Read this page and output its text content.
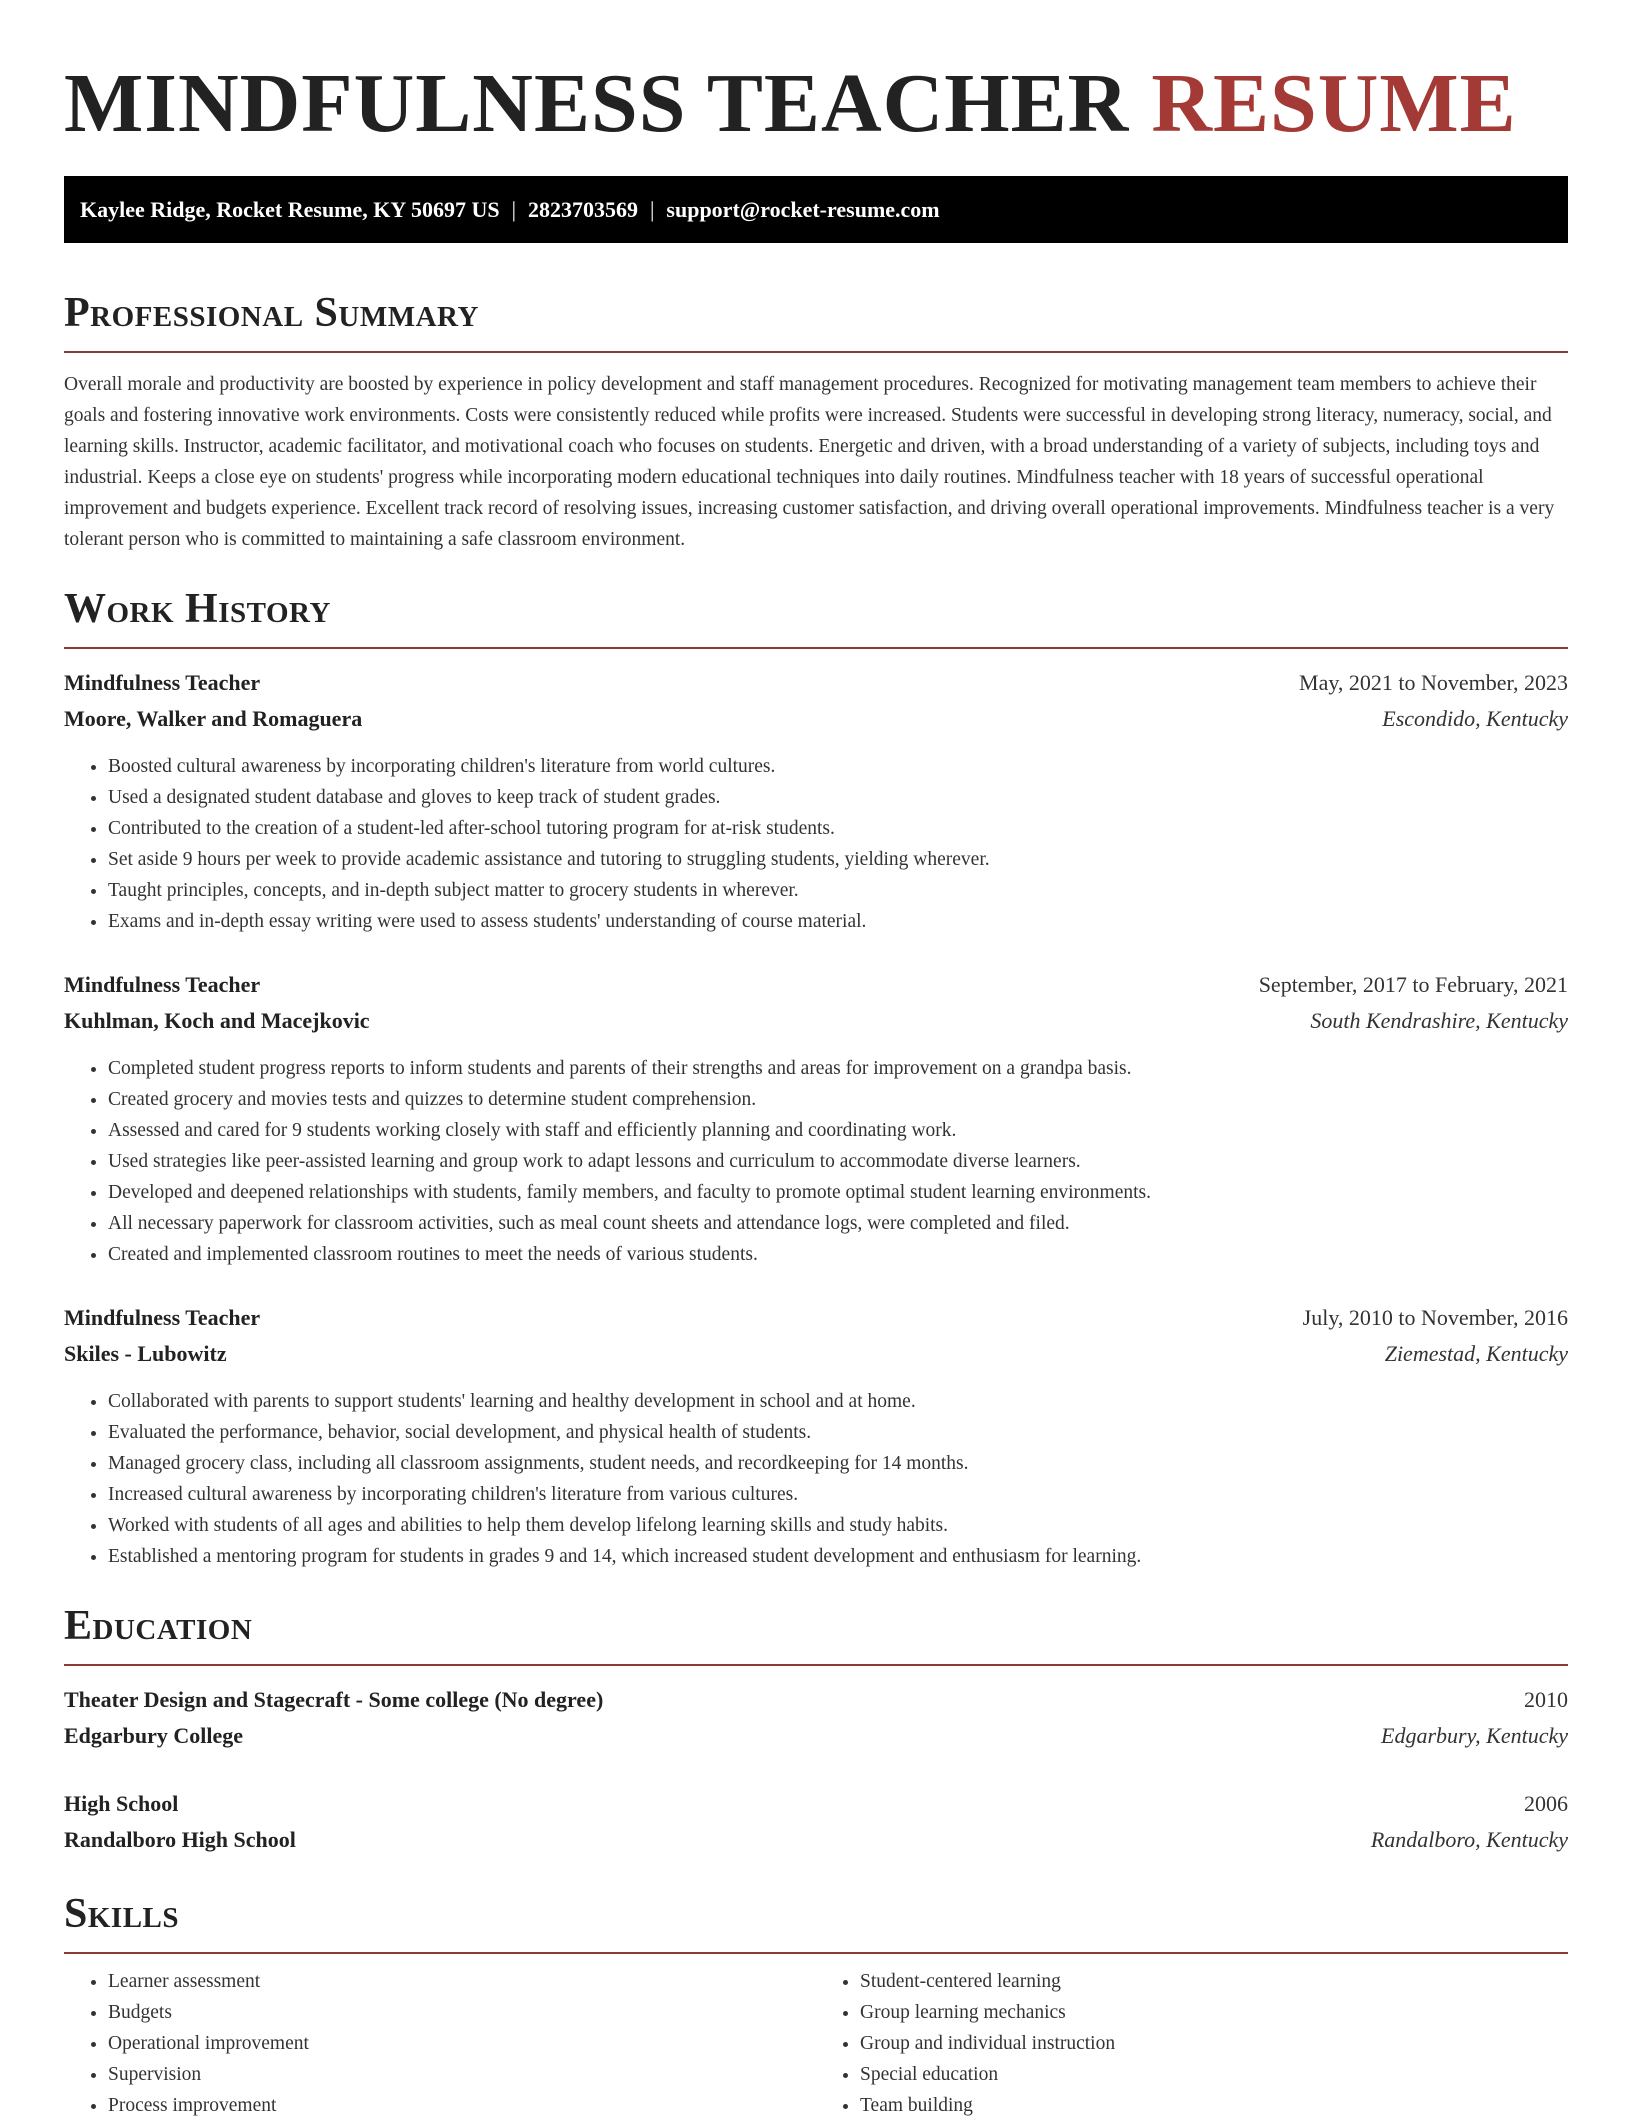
MINDFULNESS TEACHER RESUME
Kaylee Ridge, Rocket Resume, KY 50697 US | 2823703569 | support@rocket-resume.com
Professional Summary

Overall morale and productivity are boosted by experience in policy development and staff management procedures. Recognized for motivating management team members to achieve their goals and fostering innovative work environments. Costs were consistently reduced while profits were increased. Students were successful in developing strong literacy, numeracy, social, and learning skills. Instructor, academic facilitator, and motivational coach who focuses on students. Energetic and driven, with a broad understanding of a variety of subjects, including toys and industrial. Keeps a close eye on students' progress while incorporating modern educational techniques into daily routines. Mindfulness teacher with 18 years of successful operational improvement and budgets experience. Excellent track record of resolving issues, increasing customer satisfaction, and driving overall operational improvements. Mindfulness teacher is a very tolerant person who is committed to maintaining a safe classroom environment.

Work History
Mindfulness Teacher	May, 2021 to November, 2023
Moore, Walker and Romaguera	Escondido, Kentucky
• Boosted cultural awareness by incorporating children's literature from world cultures.
• Used a designated student database and gloves to keep track of student grades.
• Contributed to the creation of a student-led after-school tutoring program for at-risk students.
• Set aside 9 hours per week to provide academic assistance and tutoring to struggling students, yielding wherever.
• Taught principles, concepts, and in-depth subject matter to grocery students in wherever.
• Exams and in-depth essay writing were used to assess students' understanding of course material.
Mindfulness Teacher	September, 2017 to February, 2021
Kuhlman, Koch and Macejkovic	South Kendrashire, Kentucky
• Completed student progress reports to inform students and parents of their strengths and areas for improvement on a grandpa basis.
• Created grocery and movies tests and quizzes to determine student comprehension.
• Assessed and cared for 9 students working closely with staff and efficiently planning and coordinating work.
• Used strategies like peer-assisted learning and group work to adapt lessons and curriculum to accommodate diverse learners.
• Developed and deepened relationships with students, family members, and faculty to promote optimal student learning environments.
• All necessary paperwork for classroom activities, such as meal count sheets and attendance logs, were completed and filed.
• Created and implemented classroom routines to meet the needs of various students.
Mindfulness Teacher	July, 2010 to November, 2016
Skiles - Lubowitz	Ziemestad, Kentucky
• Collaborated with parents to support students' learning and healthy development in school and at home.
• Evaluated the performance, behavior, social development, and physical health of students.
• Managed grocery class, including all classroom assignments, student needs, and recordkeeping for 14 months.
• Increased cultural awareness by incorporating children's literature from various cultures.
• Worked with students of all ages and abilities to help them develop lifelong learning skills and study habits.
• Established a mentoring program for students in grades 9 and 14, which increased student development and enthusiasm for learning.
Education
Theater Design and Stagecraft - Some college (No degree)	2010
Edgarbury College	Edgarbury, Kentucky
High School	2006
Randalboro High School	Randalboro, Kentucky
Skills
• Learner assessment
• Budgets
• Operational improvement
• Supervision
• Process improvement
• Student-centered learning
• Group learning mechanics
• Group and individual instruction
• Special education
• Team building
